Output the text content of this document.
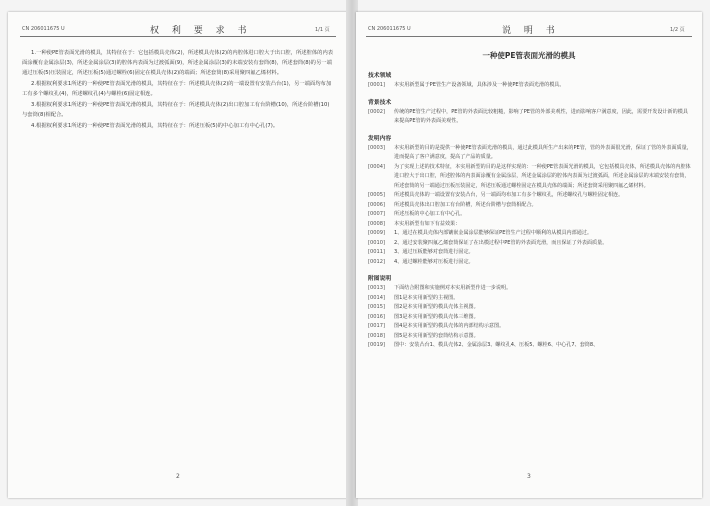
CN 206011675 U	权 利 要 求 书	1/1 页

1.一种使PE管表面光滑的模具，其特征在于：它包括模具壳体(2)，所述模具壳体(2)的内腔体进口腔大于出口腔，所述腔体的内表面涂覆有金属涂层(3)，所述金属涂层(3)的腔体内表面为过渡弧面(9)，所述金属涂层(3)的末端安装有套筒(8)，所述套筒(8)的另一端通过压板(5)压装固定，所述压板(5)通过螺栓(6)固定在模具壳体(2)的端面；所述套筒(8)采用聚四氟乙烯材料。

2.根据权利要求1所述的一种使PE管表面光滑的模具，其特征在于：所述模具壳体(2)的一端设置有安装凸台(1)，另一端面均布加工有多个螺纹孔(4)，所述螺纹孔(4)与螺栓(6)固定相连。

3.根据权利要求1所述的一种使PE管表面光滑的模具，其特征在于：所述模具壳体(2)出口腔加工有台阶槽(10)，所述台阶槽(10)与套筒(8)相配合。

4.根据权利要求1所述的一种使PE管表面光滑的模具，其特征在于：所述压板(5)的中心加工有中心孔(7)。

2
CN 206011675 U	说 明 书	1/2 页
一种使PE管表面光滑的模具
技术领域
[0001]	本实用新型属于PE管生产设备领域，具体涉及一种使PE管表面光滑的模具。
背景技术
[0002]	传统的PE管生产过程中，PE管的外表面比较粗糙，影响了PE管的外部美观性，进而影响客户满意度，因此，需要开发设计新的模具来提高PE管的外表面美观性。
发明内容
[0003]	本实用新型的目的是提供一种使PE管表面光滑的模具，通过此模具所生产出来的PE管，管的外表面很光滑，保证了管的外表面质量，进而提高了客户满意度，提高了产品的质量。
[0004]	为了实现上述的技术特征，本实用新型的目的是这样实现的：一种使PE管表面光滑的模具，它包括模具壳体，所述模具壳体的内腔体进口腔大于出口腔，所述腔体的内表面涂覆有金属涂层，所述金属涂层的腔体内表面为过渡弧面，所述金属涂层的末端安装有套筒，所述套筒的另一端通过压板压装固定，所述压板通过螺栓固定在模具壳体的端面；所述套筒采用聚四氟乙烯材料。
[0005]	所述模具壳体的一端设置有安装凸台，另一端面均布加工有多个螺纹孔，所述螺纹孔与螺栓固定相连。
[0006]	所述模具壳体出口腔加工有台阶槽，所述台阶槽与套筒相配合。
[0007]	所述压板的中心加工有中心孔。
[0008]	本实用新型有如下有益效果：
[0009]	1、通过在模具壳体内部镶嵌金属涂层能够保证PE管生产过程中顺利的从模具内部通过。
[0010]	2、通过安装聚四氟乙烯套筒保证了在出模过程中PE管的外表面光滑，而且保证了外表面质量。
[0011]	3、通过压板能够对套筒进行固定。
[0012]	4、通过螺栓能够对压板进行固定。
附图说明
[0013]	下面结合附图和实施例对本实用新型作进一步说明。
[0014]	图1是本实用新型的主视图。
[0015]	图2是本实用新型的模具壳体主视图。
[0016]	图3是本实用新型的模具壳体三维图。
[0017]	图4是本实用新型的模具壳体的内部结构示意图。
[0018]	图5是本实用新型的套筒结构示意图。
[0019]	图中：安装凸台1、模具壳体2、金属涂层3、螺纹孔4、压板5、螺栓6、中心孔7、套筒8、
3
